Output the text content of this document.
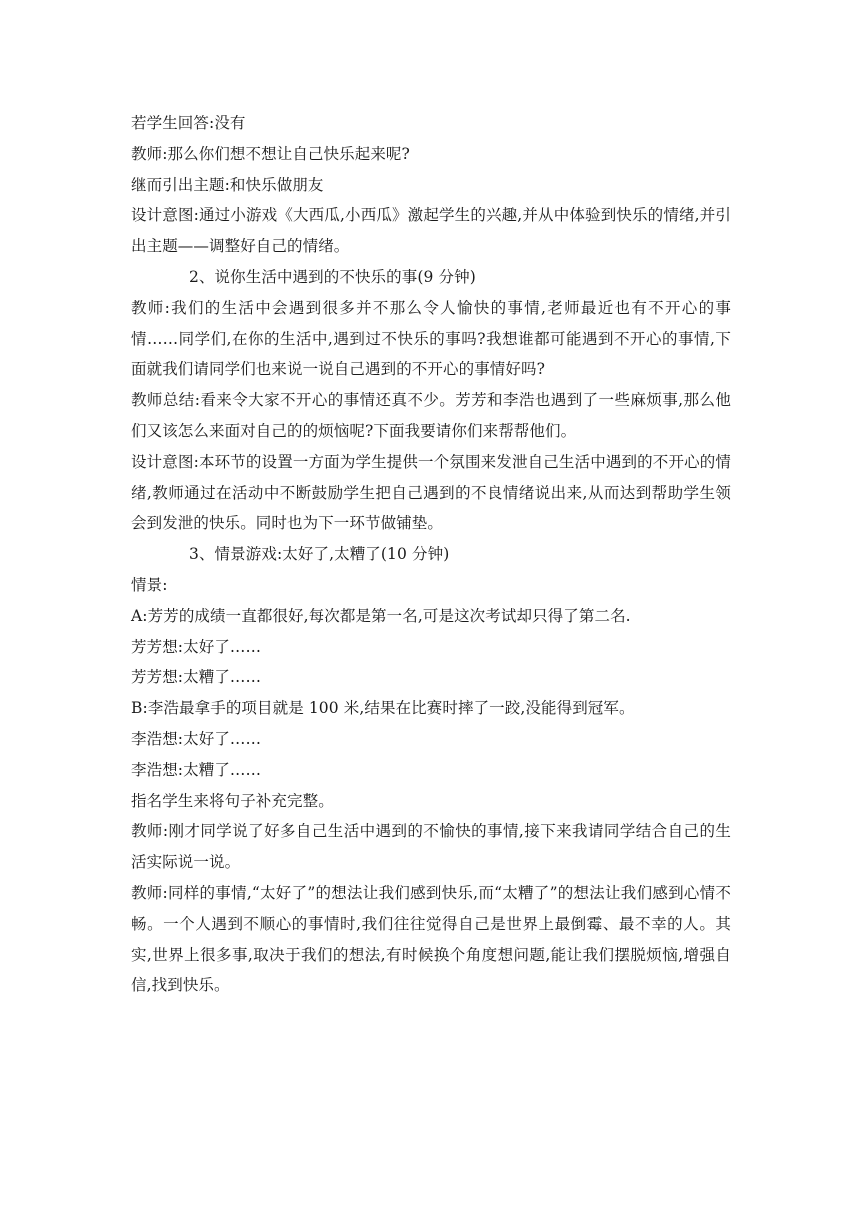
若学生回答:没有

教师:那么你们想不想让自己快乐起来呢?

继而引出主题:和快乐做朋友

设计意图:通过小游戏《大西瓜,小西瓜》激起学生的兴趣,并从中体验到快乐的情绪,并引出主题——调整好自己的情绪。

2、说你生活中遇到的不快乐的事(9 分钟)

教师:我们的生活中会遇到很多并不那么令人愉快的事情,老师最近也有不开心的事情……同学们,在你的生活中,遇到过不快乐的事吗?我想谁都可能遇到不开心的事情,下面就我们请同学们也来说一说自己遇到的不开心的事情好吗?

教师总结:看来令大家不开心的事情还真不少。芳芳和李浩也遇到了一些麻烦事,那么他们又该怎么来面对自己的的烦恼呢?下面我要请你们来帮帮他们。

设计意图:本环节的设置一方面为学生提供一个氛围来发泄自己生活中遇到的不开心的情绪,教师通过在活动中不断鼓励学生把自己遇到的不良情绪说出来,从而达到帮助学生领会到发泄的快乐。同时也为下一环节做铺垫。

3、情景游戏:太好了,太糟了(10 分钟)

情景:

A:芳芳的成绩一直都很好,每次都是第一名,可是这次考试却只得了第二名.

芳芳想:太好了……

芳芳想:太糟了……

B:李浩最拿手的项目就是 100 米,结果在比赛时摔了一跤,没能得到冠军。

李浩想:太好了……

李浩想:太糟了……

指名学生来将句子补充完整。

教师:刚才同学说了好多自己生活中遇到的不愉快的事情,接下来我请同学结合自己的生活实际说一说。

教师:同样的事情,“太好了”的想法让我们感到快乐,而“太糟了”的想法让我们感到心情不畅。一个人遇到不顺心的事情时,我们往往觉得自己是世界上最倒霉、最不幸的人。其实,世界上很多事,取决于我们的想法,有时候换个角度想问题,能让我们摆脱烦恼,增强自信,找到快乐。
